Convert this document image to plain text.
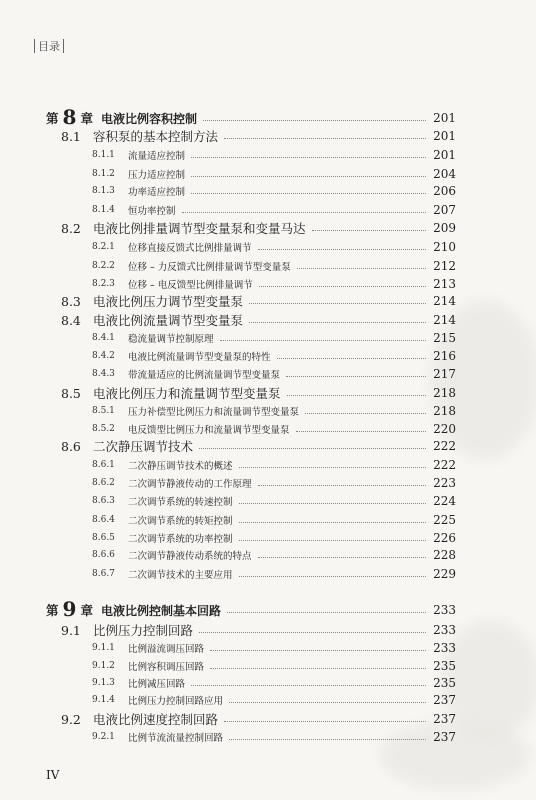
目录
第 8 章 电液比例容积控制	201
8.1 容积泵的基本控制方法	201
8.1.1	流量适应控制	201
8.1.2	压力适应控制	204
8.1.3	功率适应控制	206
8.1.4	恒功率控制	207
8.2 电液比例排量调节型变量泵和变量马达	209
8.2.1	位移直接反馈式比例排量调节	210
8.2.2	位移 – 力反馈式比例排量调节型变量泵	212
8.2.3	位移 – 电反馈型比例排量调节	213
8.3 电液比例压力调节型变量泵	214
8.4 电液比例流量调节型变量泵	214
8.4.1	稳流量调节控制原理	215
8.4.2	电液比例流量调节型变量泵的特性	216
8.4.3	带流量适应的比例流量调节型变量泵	217
8.5 电液比例压力和流量调节型变量泵	218
8.5.1	压力补偿型比例压力和流量调节型变量泵	218
8.5.2	电反馈型比例压力和流量调节型变量泵	220
8.6 二次静压调节技术	222
8.6.1	二次静压调节技术的概述	222
8.6.2	二次调节静液传动的工作原理	223
8.6.3	二次调节系统的转速控制	224
8.6.4	二次调节系统的转矩控制	225
8.6.5	二次调节系统的功率控制	226
8.6.6	二次调节静液传动系统的特点	228
8.6.7	二次调节技术的主要应用	229
第 9 章 电液比例控制基本回路	233
9.1 比例压力控制回路	233
9.1.1	比例溢流调压回路	233
9.1.2	比例容积调压回路	235
9.1.3	比例减压回路	235
9.1.4	比例压力控制回路应用	237
9.2 电液比例速度控制回路	237
9.2.1	比例节流流量控制回路	237
IV
